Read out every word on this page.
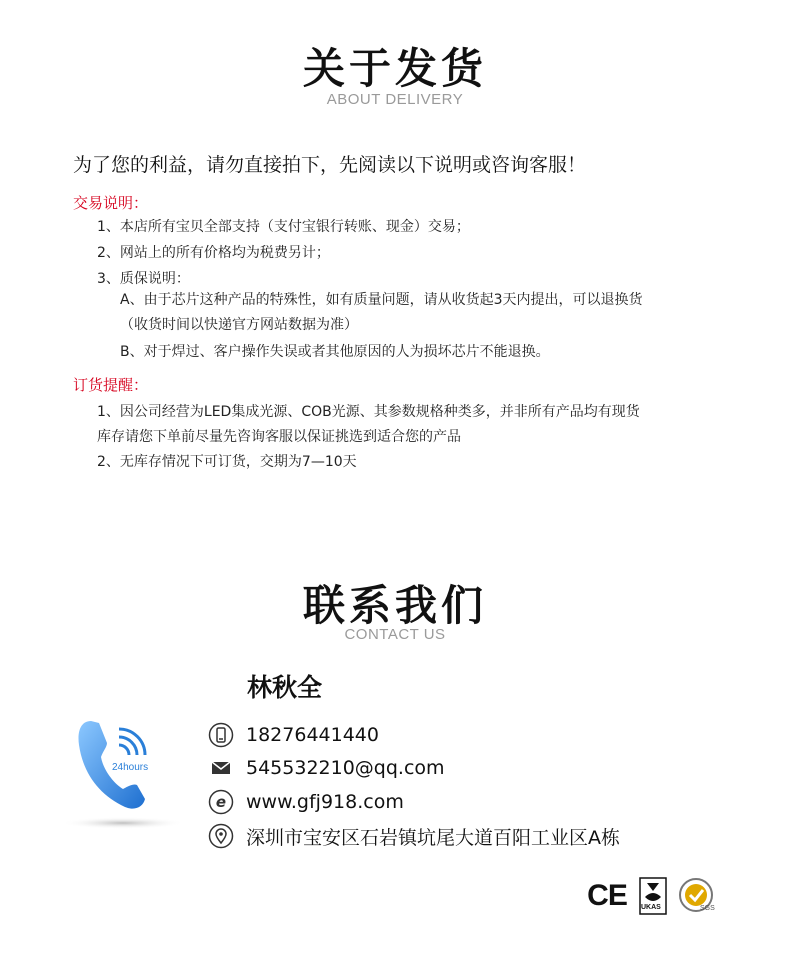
关于发货
ABOUT DELIVERY
为了您的利益，请勿直接拍下，先阅读以下说明或咨询客服！
交易说明：
1、本店所有宝贝全部支持（支付宝银行转账、现金）交易；
2、网站上的所有价格均为税费另计；
3、质保说明：
A、由于芯片这种产品的特殊性，如有质量问题，请从收货起3天内提出，可以退换货
（收货时间以快递官方网站数据为准）
B、对于焊过、客户操作失误或者其他原因的人为损坏芯片不能退换。
订货提醒：
1、因公司经营为LED集成光源、COB光源、其参数规格种类多，并非所有产品均有现货
库存请您下单前尽量先咨询客服以保证挑选到适合您的产品
2、无库存情况下可订货，交期为7—10天
联系我们
CONTACT US
林秋全
24hours
18276441440
545532210@qq.com
e www.gfj918.com
深圳市宝安区石岩镇坑尾大道百阳工业区A栋
CE UKAS	SGS
